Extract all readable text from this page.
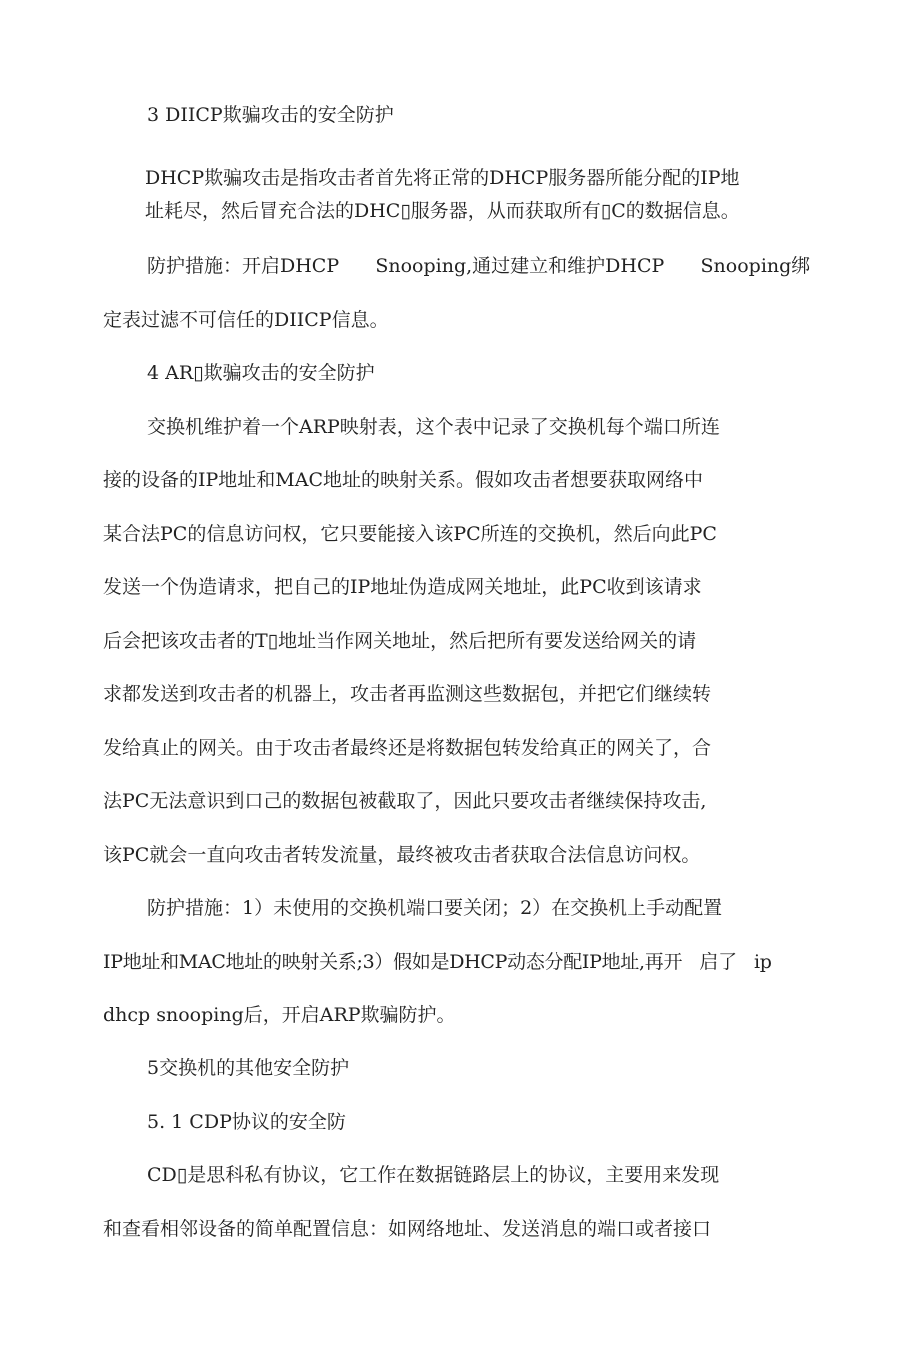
3 DIICP欺骗攻击的安全防护
DHCP欺骗攻击是指攻击者首先将正常的DHCP服务器所能分配的IP地
址耗尽，然后冒充合法的DHC▯服务器，从而获取所有▯C的数据信息。
防护措施：开启DHCP      Snooping,通过建立和维护DHCP      Snooping绑
定表过滤不可信任的DIICP信息。
4 AR▯欺骗攻击的安全防护
交换机维护着一个ARP映射表，这个表中记录了交换机每个端口所连
接的设备的IP地址和MAC地址的映射关系。假如攻击者想要获取网络中
某合法PC的信息访问权，它只要能接入该PC所连的交换机，然后向此PC
发送一个伪造请求，把自己的IP地址伪造成网关地址，此PC收到该请求
后会把该攻击者的T▯地址当作网关地址，然后把所有要发送给网关的请
求都发送到攻击者的机器上，攻击者再监测这些数据包，并把它们继续转
发给真止的网关。由于攻击者最终还是将数据包转发给真正的网关了，合
法PC无法意识到口己的数据包被截取了，因此只要攻击者继续保持攻击,
该PC就会一直向攻击者转发流量，最终被攻击者获取合法信息访问权。
防护措施：1）未使用的交换机端口要关闭；2）在交换机上手动配置
IP地址和MAC地址的映射关系;3）假如是DHCP动态分配IP地址,再开   启了   ip
dhcp snooping后，开启ARP欺骗防护。
5交换机的其他安全防护
5. 1 CDP协议的安全防
CD▯是思科私有协议，它工作在数据链路层上的协议，主要用来发现
和查看相邻设备的简单配置信息：如网络地址、发送消息的端口或者接口
